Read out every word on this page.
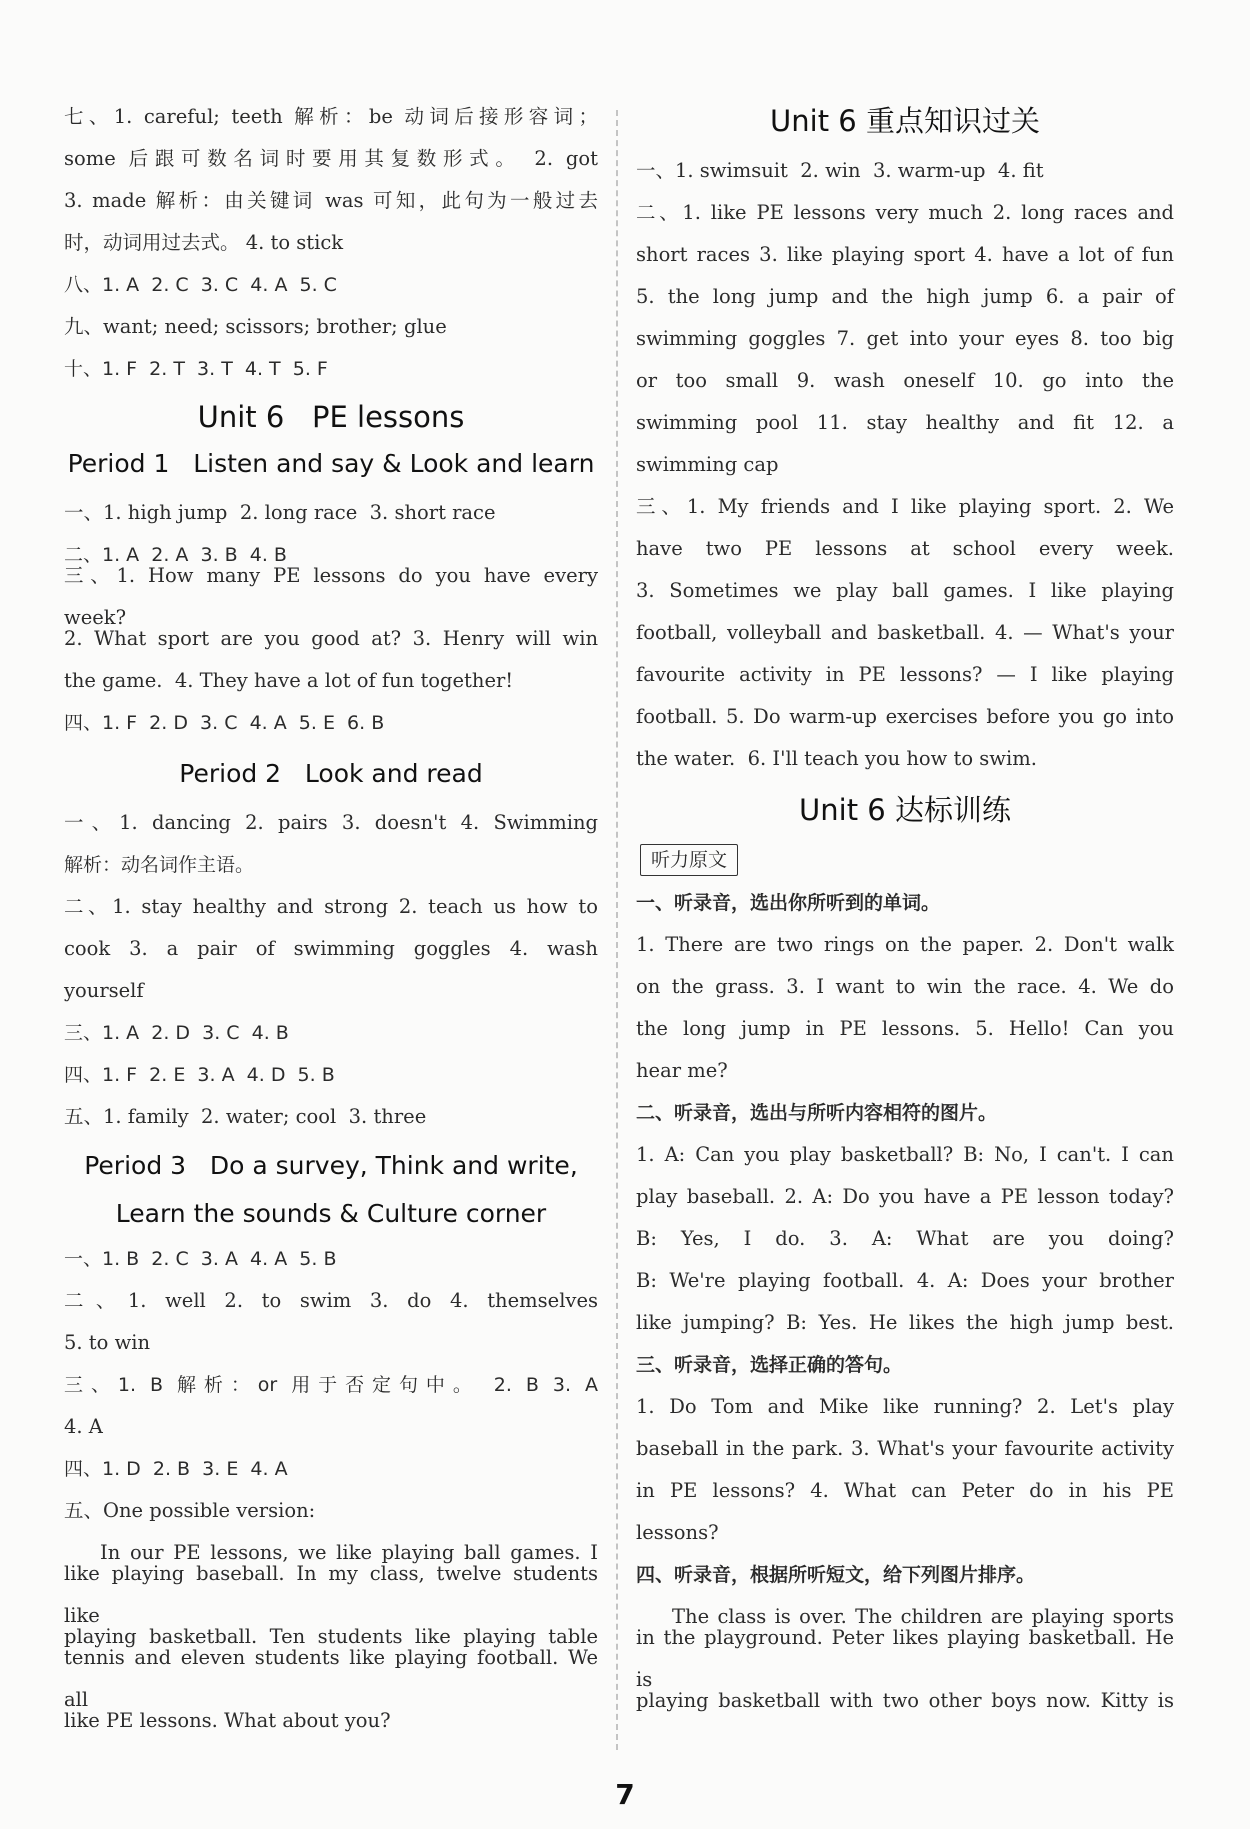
七、1. careful; teeth 解析：be 动词后接形容词；
some 后跟可数名词时要用其复数形式。 2. got
3. made 解析：由关键词 was 可知，此句为一般过去
时，动词用过去式。 4. to stick
八、1. A  2. C  3. C  4. A  5. C
九、want; need; scissors; brother; glue
十、1. F  2. T  3. T  4. T  5. F
Unit 6   PE lessons
Period 1   Listen and say & Look and learn
一、1. high jump  2. long race  3. short race
二、1. A  2. A  3. B  4. B
三、1. How many PE lessons do you have every week?
2. What sport are you good at? 3. Henry will win
the game.  4. They have a lot of fun together!
四、1. F  2. D  3. C  4. A  5. E  6. B
Period 2   Look and read
一、1. dancing 2. pairs 3. doesn't 4. Swimming
解析：动名词作主语。
二、1. stay healthy and strong 2. teach us how to
cook 3. a pair of swimming goggles 4. wash
yourself
三、1. A  2. D  3. C  4. B
四、1. F  2. E  3. A  4. D  5. B
五、1. family  2. water; cool  3. three
Period 3   Do a survey, Think and write,
Learn the sounds & Culture corner
一、1. B  2. C  3. A  4. A  5. B
二、1. well 2. to swim 3. do 4. themselves
5. to win
三、1. B 解析：or 用于否定句中。 2. B 3. A
4. A
四、1. D  2. B  3. E  4. A
五、One possible version:
In our PE lessons, we like playing ball games. I
like playing baseball. In my class, twelve students like
playing basketball. Ten students like playing table
tennis and eleven students like playing football. We all
like PE lessons. What about you?
Unit 6 重点知识过关
一、1. swimsuit  2. win  3. warm-up  4. fit
二、1. like PE lessons very much 2. long races and
short races 3. like playing sport 4. have a lot of fun
5. the long jump and the high jump 6. a pair of
swimming goggles 7. get into your eyes 8. too big
or too small 9. wash oneself 10. go into the
swimming pool 11. stay healthy and fit 12. a
swimming cap
三、1. My friends and I like playing sport. 2. We
have two PE lessons at school every week.
3. Sometimes we play ball games. I like playing
football, volleyball and basketball. 4. — What's your
favourite activity in PE lessons? — I like playing
football. 5. Do warm-up exercises before you go into
the water.  6. I'll teach you how to swim.
Unit 6 达标训练
听力原文
一、听录音，选出你所听到的单词。
1. There are two rings on the paper. 2. Don't walk
on the grass. 3. I want to win the race. 4. We do
the long jump in PE lessons. 5. Hello! Can you
hear me?
二、听录音，选出与所听内容相符的图片。
1. A: Can you play basketball? B: No, I can't. I can
play baseball. 2. A: Do you have a PE lesson today?
B: Yes, I do. 3. A: What are you doing?
B: We're playing football. 4. A: Does your brother
like jumping? B: Yes. He likes the high jump best.
三、听录音，选择正确的答句。
1. Do Tom and Mike like running? 2. Let's play
baseball in the park. 3. What's your favourite activity
in PE lessons? 4. What can Peter do in his PE
lessons?
四、听录音，根据所听短文，给下列图片排序。
The class is over. The children are playing sports
in the playground. Peter likes playing basketball. He is
playing basketball with two other boys now. Kitty is
7
